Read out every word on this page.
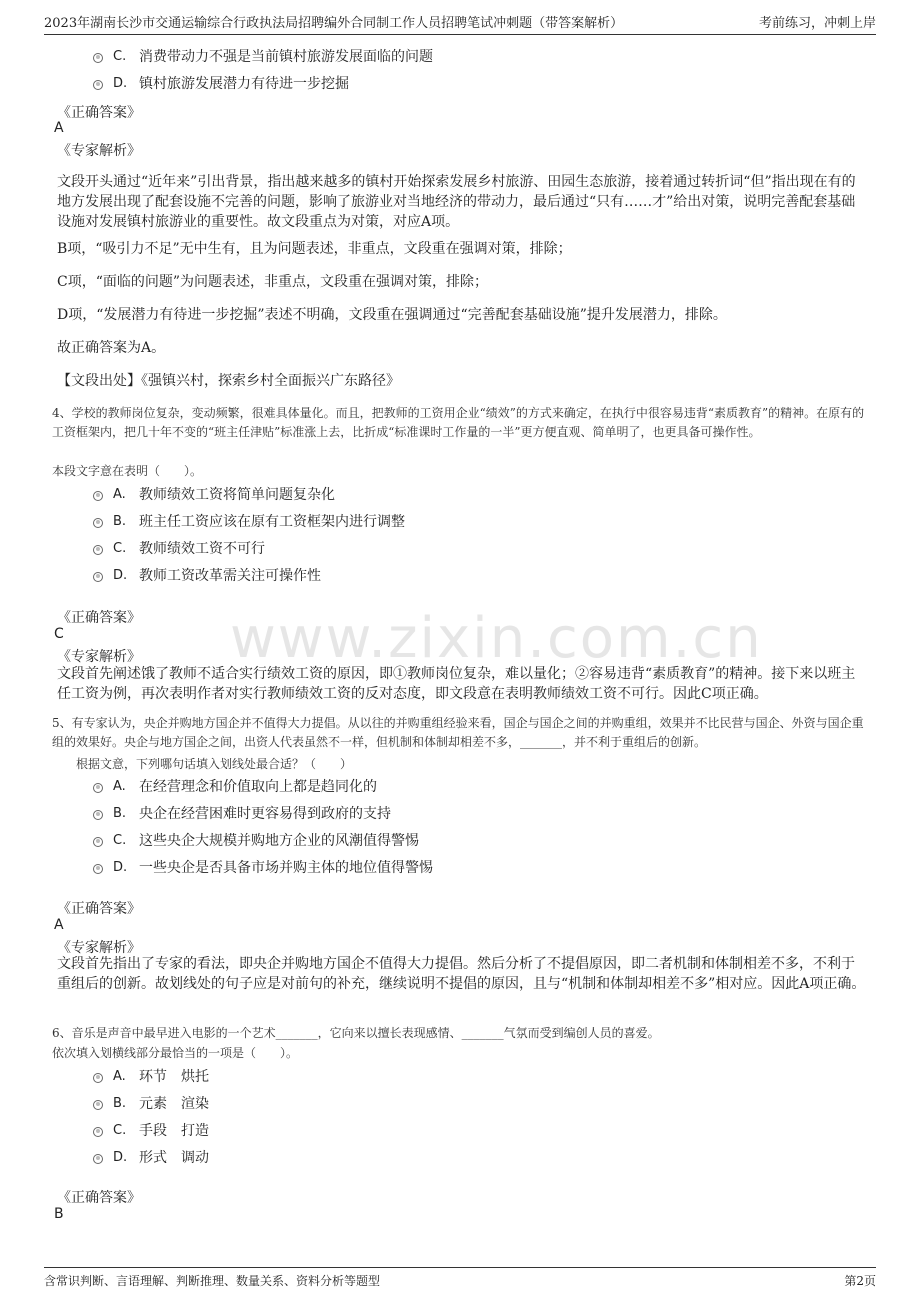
2023年湖南长沙市交通运输综合行政执法局招聘编外合同制工作人员招聘笔试冲刺题（带答案解析）	考前练习，冲刺上岸
www.zixin.com.cn
C. 消费带动力不强是当前镇村旅游发展面临的问题
D. 镇村旅游发展潜力有待进一步挖掘
《正确答案》
A
《专家解析》
文段开头通过“近年来”引出背景，指出越来越多的镇村开始探索发展乡村旅游、田园生态旅游，接着通过转折词“但”指出现在有的地方发展出现了配套设施不完善的问题，影响了旅游业对当地经济的带动力，最后通过“只有……才”给出对策，说明完善配套基础设施对发展镇村旅游业的重要性。故文段重点为对策，对应A项。
B项，“吸引力不足”无中生有，且为问题表述，非重点，文段重在强调对策，排除；
C项，“面临的问题”为问题表述，非重点，文段重在强调对策，排除；
D项，“发展潜力有待进一步挖掘”表述不明确，文段重在强调通过“完善配套基础设施”提升发展潜力，排除。
故正确答案为A。
【文段出处】《强镇兴村，探索乡村全面振兴广东路径》
4、学校的教师岗位复杂，变动频繁，很难具体量化。而且，把教师的工资用企业“绩效”的方式来确定，在执行中很容易违背“素质教育”的精神。在原有的工资框架内，把几十年不变的“班主任津贴”标准涨上去，比折成“标准课时工作量的一半”更方便直观、简单明了，也更具备可操作性。
本段文字意在表明（　　）。
A. 教师绩效工资将简单问题复杂化
B. 班主任工资应该在原有工资框架内进行调整
C. 教师绩效工资不可行
D. 教师工资改革需关注可操作性
《正确答案》
C
《专家解析》
文段首先阐述饿了教师不适合实行绩效工资的原因，即①教师岗位复杂，难以量化；②容易违背“素质教育”的精神。接下来以班主任工资为例，再次表明作者对实行教师绩效工资的反对态度，即文段意在表明教师绩效工资不可行。因此C项正确。
5、有专家认为，央企并购地方国企并不值得大力提倡。从以往的并购重组经验来看，国企与国企之间的并购重组，效果并不比民营与国企、外资与国企重组的效果好。央企与地方国企之间，出资人代表虽然不一样，但机制和体制却相差不多，_______，并不利于重组后的创新。
根据文意，下列哪句话填入划线处最合适？（　　）
A. 在经营理念和价值取向上都是趋同化的
B. 央企在经营困难时更容易得到政府的支持
C. 这些央企大规模并购地方企业的风潮值得警惕
D. 一些央企是否具备市场并购主体的地位值得警惕
《正确答案》
A
《专家解析》
文段首先指出了专家的看法，即央企并购地方国企不值得大力提倡。然后分析了不提倡原因，即二者机制和体制相差不多，不利于重组后的创新。故划线处的句子应是对前句的补充，继续说明不提倡的原因，且与“机制和体制却相差不多”相对应。因此A项正确。
6、音乐是声音中最早进入电影的一个艺术_______，它向来以擅长表现感情、_______气氛而受到编创人员的喜爱。
依次填入划横线部分最恰当的一项是（　　）。
A. 环节　烘托
B. 元素　渲染
C. 手段　打造
D. 形式　调动
《正确答案》
B
含常识判断、言语理解、判断推理、数量关系、资料分析等题型	第2页
